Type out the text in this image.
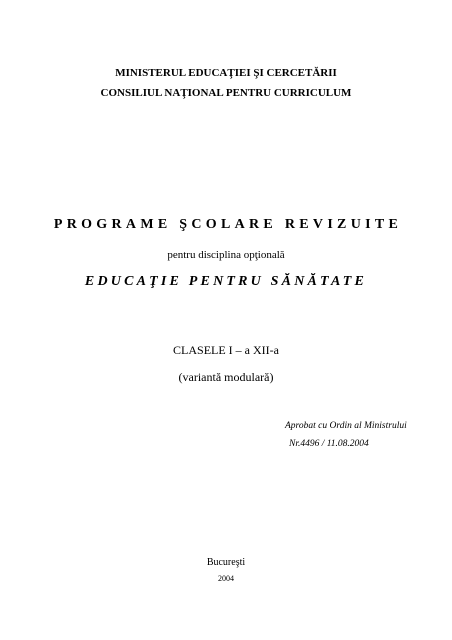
MINISTERUL EDUCAŢIEI ŞI CERCETĂRII
CONSILIUL NAŢIONAL PENTRU CURRICULUM
PROGRAME ŞCOLARE REVIZUITE
pentru disciplina opţională
EDUCAŢIE PENTRU SĂNĂTATE
CLASELE I – a XII-a
(variantă modulară)
Aprobat cu Ordin al Ministrului
Nr.4496 / 11.08.2004
Bucureşti
2004
